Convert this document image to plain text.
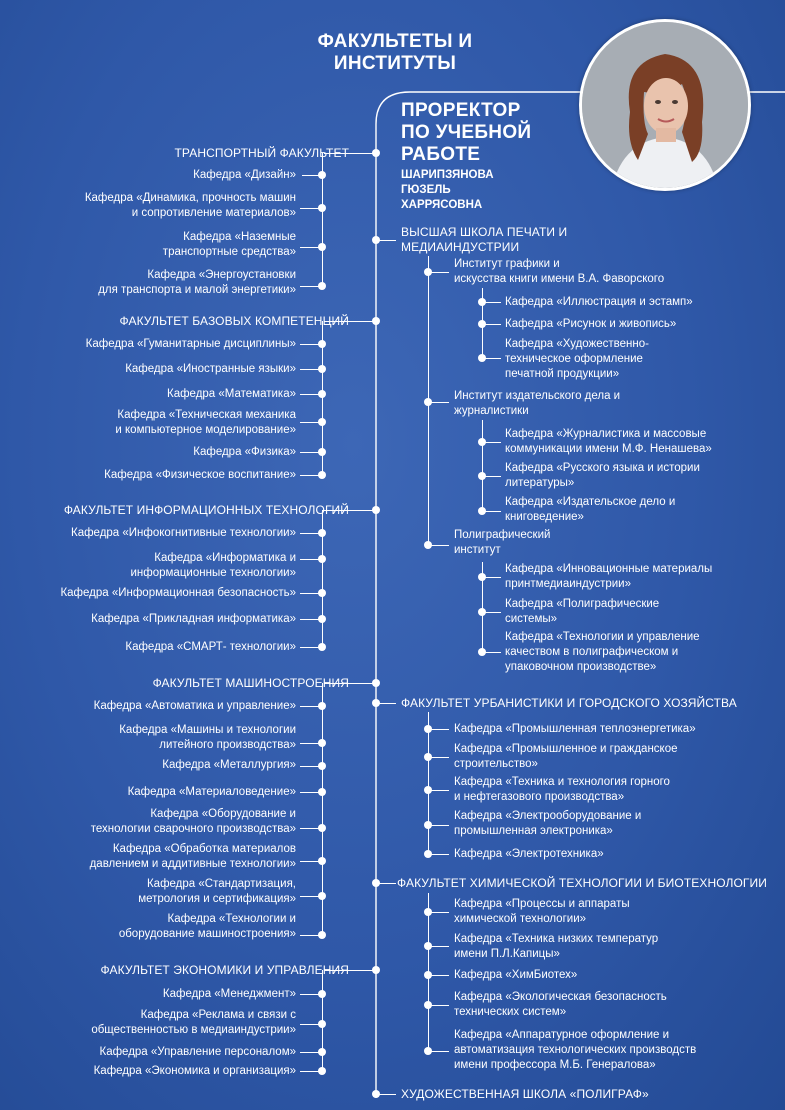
ФАКУЛЬТЕТЫ И
ИНСТИТУТЫ
ПРОРЕКТОР
ПО УЧЕБНОЙ
РАБОТЕ
ШАРИПЗЯНОВА
ГЮЗЕЛЬ
ХАРРЯСОВНА
ТРАНСПОРТНЫЙ ФАКУЛЬТЕТ
Кафедра «Дизайн»
Кафедра «Динамика, прочность машин
и сопротивление материалов»
Кафедра «Наземные
транспортные средства»
Кафедра «Энергоустановки
для транспорта и малой энергетики»
ФАКУЛЬТЕТ БАЗОВЫХ КОМПЕТЕНЦИЙ
Кафедра «Гуманитарные дисциплины»
Кафедра «Иностранные языки»
Кафедра «Математика»
Кафедра «Техническая механика
и компьютерное моделирование»
Кафедра «Физика»
Кафедра «Физическое воспитание»
ФАКУЛЬТЕТ ИНФОРМАЦИОННЫХ ТЕХНОЛОГИЙ
Кафедра «Инфокогнитивные технологии»
Кафедра «Информатика и
информационные технологии»
Кафедра «Информационная безопасность»
Кафедра «Прикладная информатика»
Кафедра «СМАРТ- технологии»
ФАКУЛЬТЕТ МАШИНОСТРОЕНИЯ
Кафедра «Автоматика и управление»
Кафедра «Машины и технологии
литейного производства»
Кафедра «Металлургия»
Кафедра «Материаловедение»
Кафедра «Оборудование и
технологии сварочного производства»
Кафедра «Обработка материалов
давлением и аддитивные технологии»
Кафедра «Стандартизация,
метрология и сертификация»
Кафедра «Технологии и
оборудование машиностроения»
ФАКУЛЬТЕТ ЭКОНОМИКИ И УПРАВЛЕНИЯ
Кафедра «Менеджмент»
Кафедра «Реклама и связи с
общественностью в медиаиндустрии»
Кафедра «Управление персоналом»
Кафедра «Экономика и организация»
ВЫСШАЯ ШКОЛА ПЕЧАТИ И
МЕДИАИНДУСТРИИ
Институт графики и
искусства книги имени В.А. Фаворского
Кафедра «Иллюстрация и эстамп»
Кафедра «Рисунок и живопись»
Кафедра «Художественно-
техническое оформление
печатной продукции»
Институт издательского дела и
журналистики
Кафедра «Журналистика и массовые
коммуникации имени М.Ф. Ненашева»
Кафедра «Русского языка и истории
литературы»
Кафедра «Издательское дело и
книговедение»
Полиграфический
институт
Кафедра «Инновационные материалы
принтмедиаиндустрии»
Кафедра «Полиграфические
системы»
Кафедра «Технологии и управление
качеством в полиграфическом и
упаковочном производстве»
ФАКУЛЬТЕТ УРБАНИСТИКИ И ГОРОДСКОГО ХОЗЯЙСТВА
Кафедра «Промышленная теплоэнергетика»
Кафедра «Промышленное и гражданское
строительство»
Кафедра «Техника и технология горного
и нефтегазового производства»
Кафедра «Электрооборудование и
промышленная электроника»
Кафедра «Электротехника»
ФАКУЛЬТЕТ ХИМИЧЕСКОЙ ТЕХНОЛОГИИ И БИОТЕХНОЛОГИИ
Кафедра «Процессы и аппараты
химической технологии»
Кафедра «Техника низких температур
имени П.Л.Капицы»
Кафедра «ХимБиотех»
Кафедра «Экологическая безопасность
технических систем»
Кафедра «Аппаратурное оформление и
автоматизация технологических производств
имени профессора М.Б. Генералова»
ХУДОЖЕСТВЕННАЯ ШКОЛА «ПОЛИГРАФ»
